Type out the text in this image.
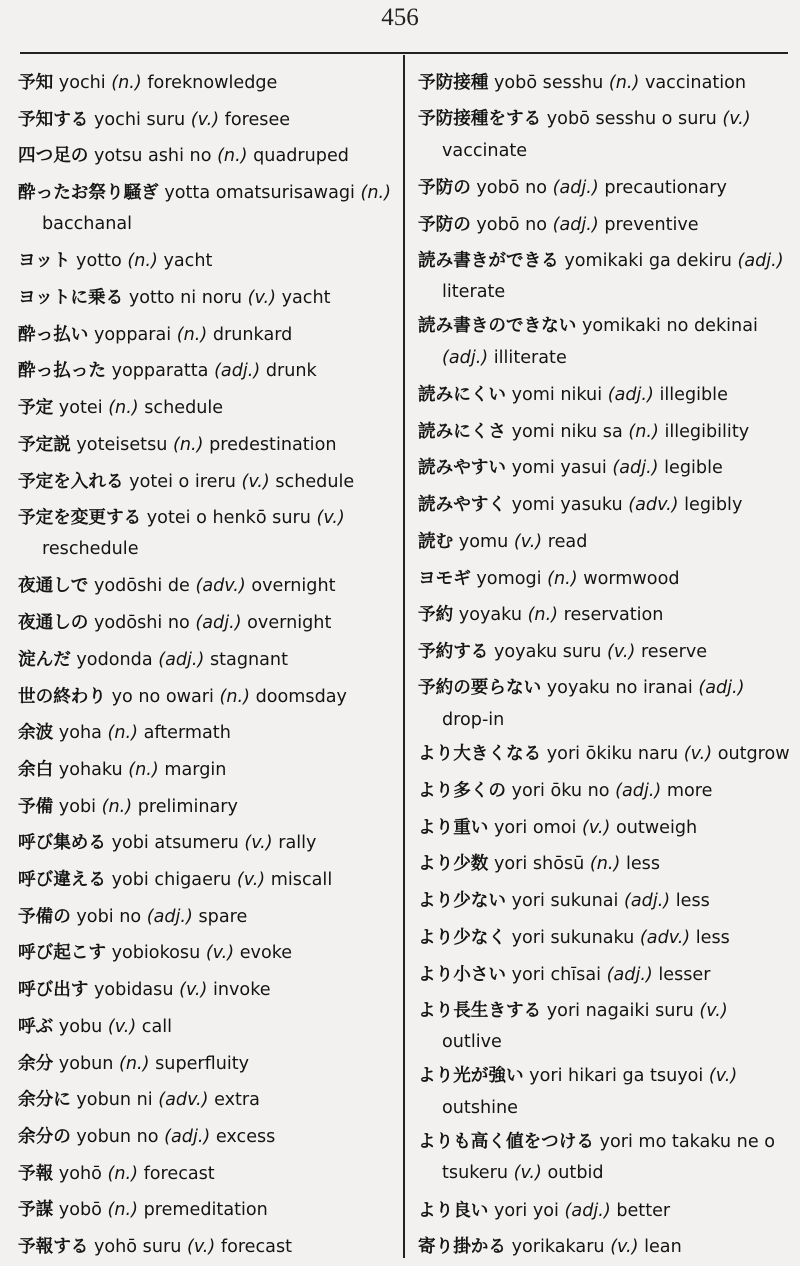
456
予知 yochi (n.) foreknowledge
予知する yochi suru (v.) foresee
四つ足の yotsu ashi no (n.) quadruped
酔ったお祭り騒ぎ yotta omatsurisawagi (n.) bacchanal
ヨット yotto (n.) yacht
ヨットに乗る yotto ni noru (v.) yacht
酔っ払い yopparai (n.) drunkard
酔っ払った yopparatta (adj.) drunk
予定 yotei (n.) schedule
予定説 yoteisetsu (n.) predestination
予定を入れる yotei o ireru (v.) schedule
予定を変更する yotei o henkō suru (v.) reschedule
夜通しで yodōshi de (adv.) overnight
夜通しの yodōshi no (adj.) overnight
淀んだ yodonda (adj.) stagnant
世の終わり yo no owari (n.) doomsday
余波 yoha (n.) aftermath
余白 yohaku (n.) margin
予備 yobi (n.) preliminary
呼び集める yobi atsumeru (v.) rally
呼び違える yobi chigaeru (v.) miscall
予備の yobi no (adj.) spare
呼び起こす yobiokosu (v.) evoke
呼び出す yobidasu (v.) invoke
呼ぶ yobu (v.) call
余分 yobun (n.) superfluity
余分に yobun ni (adv.) extra
余分の yobun no (adj.) excess
予報 yohō (n.) forecast
予謀 yobō (n.) premeditation
予報する yohō suru (v.) forecast
予防接種 yobō sesshu (n.) vaccination
予防接種をする yobō sesshu o suru (v.) vaccinate
予防の yobō no (adj.) precautionary
予防の yobō no (adj.) preventive
読み書きができる yomikaki ga dekiru (adj.) literate
読み書きのできない yomikaki no dekinai (adj.) illiterate
読みにくい yomi nikui (adj.) illegible
読みにくさ yomi niku sa (n.) illegibility
読みやすい yomi yasui (adj.) legible
読みやすく yomi yasuku (adv.) legibly
読む yomu (v.) read
ヨモギ yomogi (n.) wormwood
予約 yoyaku (n.) reservation
予約する yoyaku suru (v.) reserve
予約の要らない yoyaku no iranai (adj.) drop-in
より大きくなる yori ōkiku naru (v.) outgrow
より多くの yori ōku no (adj.) more
より重い yori omoi (v.) outweigh
より少数 yori shōsū (n.) less
より少ない yori sukunai (adj.) less
より少なく yori sukunaku (adv.) less
より小さい yori chīsai (adj.) lesser
より長生きする yori nagaiki suru (v.) outlive
より光が強い yori hikari ga tsuyoi (v.) outshine
よりも高く値をつける yori mo takaku ne o tsukeru (v.) outbid
より良い yori yoi (adj.) better
寄り掛かる yorikakaru (v.) lean
